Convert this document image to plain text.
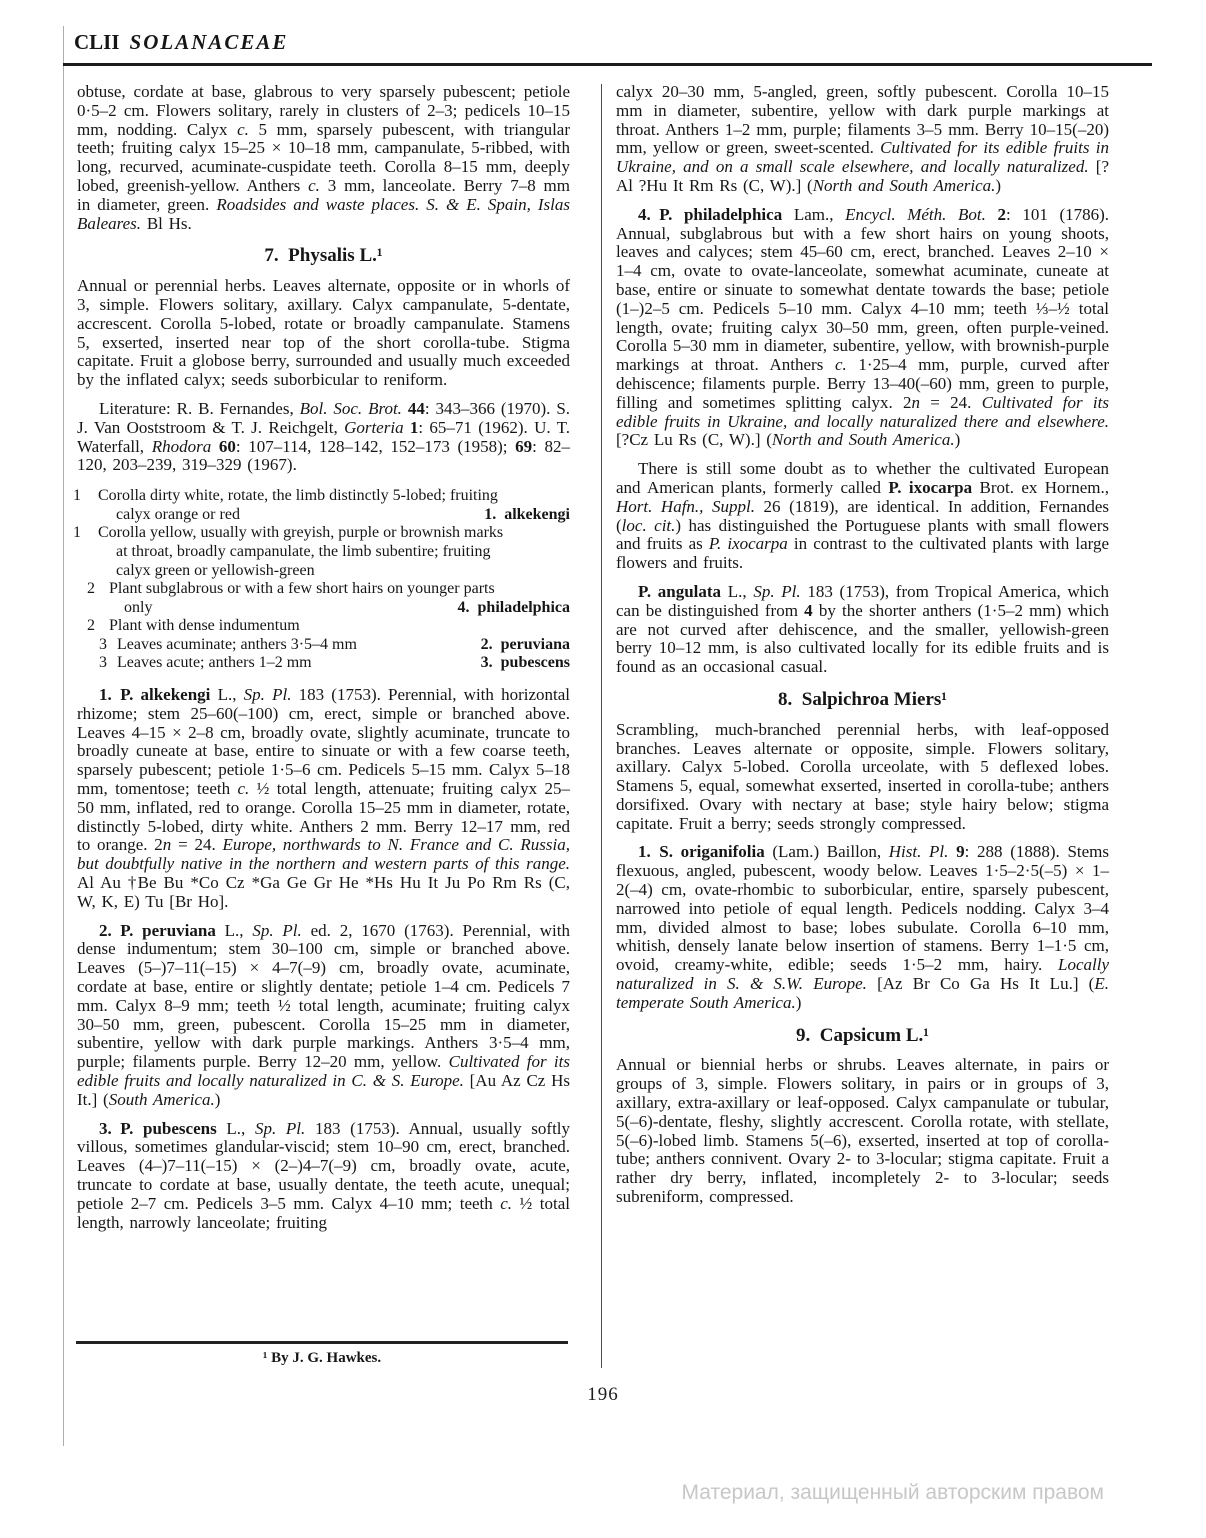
CLII SOLANACEAE
obtuse, cordate at base, glabrous to very sparsely pubescent; petiole 0·5–2 cm. Flowers solitary, rarely in clusters of 2–3; pedicels 10–15 mm, nodding. Calyx c. 5 mm, sparsely pubescent, with triangular teeth; fruiting calyx 15–25 × 10–18 mm, campanulate, 5-ribbed, with long, recurved, acuminate-cuspidate teeth. Corolla 8–15 mm, deeply lobed, greenish-yellow. Anthers c. 3 mm, lanceolate. Berry 7–8 mm in diameter, green. Roadsides and waste places. S. & E. Spain, Islas Baleares. Bl Hs.
7. Physalis L.¹
Annual or perennial herbs. Leaves alternate, opposite or in whorls of 3, simple. Flowers solitary, axillary. Calyx campanulate, 5-dentate, accrescent. Corolla 5-lobed, rotate or broadly campanulate. Stamens 5, exserted, inserted near top of the short corolla-tube. Stigma capitate. Fruit a globose berry, surrounded and usually much exceeded by the inflated calyx; seeds suborbicular to reniform.
Literature: R. B. Fernandes, Bol. Soc. Brot. 44: 343–366 (1970). S. J. Van Ooststroom & T. J. Reichgelt, Gorteria 1: 65–71 (1962). U. T. Waterfall, Rhodora 60: 107–114, 128–142, 152–173 (1958); 69: 82–120, 203–239, 319–329 (1967).
1	Corolla dirty white, rotate, the limb distinctly 5-lobed; fruiting
calyx orange or red	1. alkekengi
1	Corolla yellow, usually with greyish, purple or brownish marks
at throat, broadly campanulate, the limb subentire; fruiting
calyx green or yellowish-green
2 Plant subglabrous or with a few short hairs on younger parts
only	4. philadelphica
2 Plant with dense indumentum
3 Leaves acuminate; anthers 3·5–4 mm	2. peruviana
3 Leaves acute; anthers 1–2 mm	3. pubescens
1. P. alkekengi L., Sp. Pl. 183 (1753). Perennial, with horizontal rhizome; stem 25–60(–100) cm, erect, simple or branched above. Leaves 4–15 × 2–8 cm, broadly ovate, slightly acuminate, truncate to broadly cuneate at base, entire to sinuate or with a few coarse teeth, sparsely pubescent; petiole 1·5–6 cm. Pedicels 5–15 mm. Calyx 5–18 mm, tomentose; teeth c. ½ total length, attenuate; fruiting calyx 25–50 mm, inflated, red to orange. Corolla 15–25 mm in diameter, rotate, distinctly 5-lobed, dirty white. Anthers 2 mm. Berry 12–17 mm, red to orange. 2n = 24. Europe, northwards to N. France and C. Russia, but doubtfully native in the northern and western parts of this range. Al Au †Be Bu *Co Cz *Ga Ge Gr He *Hs Hu It Ju Po Rm Rs (C, W, K, E) Tu [Br Ho].
2. P. peruviana L., Sp. Pl. ed. 2, 1670 (1763). Perennial, with dense indumentum; stem 30–100 cm, simple or branched above. Leaves (5–)7–11(–15) × 4–7(–9) cm, broadly ovate, acuminate, cordate at base, entire or slightly dentate; petiole 1–4 cm. Pedicels 7 mm. Calyx 8–9 mm; teeth ½ total length, acuminate; fruiting calyx 30–50 mm, green, pubescent. Corolla 15–25 mm in diameter, subentire, yellow with dark purple markings. Anthers 3·5–4 mm, purple; filaments purple. Berry 12–20 mm, yellow. Cultivated for its edible fruits and locally naturalized in C. & S. Europe. [Au Az Cz Hs It.] (South America.)
3. P. pubescens L., Sp. Pl. 183 (1753). Annual, usually softly villous, sometimes glandular-viscid; stem 10–90 cm, erect, branched. Leaves (4–)7–11(–15) × (2–)4–7(–9) cm, broadly ovate, acute, truncate to cordate at base, usually dentate, the teeth acute, unequal; petiole 2–7 cm. Pedicels 3–5 mm. Calyx 4–10 mm; teeth c. ½ total length, narrowly lanceolate; fruiting
calyx 20–30 mm, 5-angled, green, softly pubescent. Corolla 10–15 mm in diameter, subentire, yellow with dark purple markings at throat. Anthers 1–2 mm, purple; filaments 3–5 mm. Berry 10–15(–20) mm, yellow or green, sweet-scented. Cultivated for its edible fruits in Ukraine, and on a small scale elsewhere, and locally naturalized. [?Al ?Hu It Rm Rs (C, W).] (North and South America.)
4. P. philadelphica Lam., Encycl. Méth. Bot. 2: 101 (1786). Annual, subglabrous but with a few short hairs on young shoots, leaves and calyces; stem 45–60 cm, erect, branched. Leaves 2–10 × 1–4 cm, ovate to ovate-lanceolate, somewhat acuminate, cuneate at base, entire or sinuate to somewhat dentate towards the base; petiole (1–)2–5 cm. Pedicels 5–10 mm. Calyx 4–10 mm; teeth ⅓–½ total length, ovate; fruiting calyx 30–50 mm, green, often purple-veined. Corolla 5–30 mm in diameter, subentire, yellow, with brownish-purple markings at throat. Anthers c. 1·25–4 mm, purple, curved after dehiscence; filaments purple. Berry 13–40(–60) mm, green to purple, filling and sometimes splitting calyx. 2n = 24. Cultivated for its edible fruits in Ukraine, and locally naturalized there and elsewhere. [?Cz Lu Rs (C, W).] (North and South America.)
There is still some doubt as to whether the cultivated European and American plants, formerly called P. ixocarpa Brot. ex Hornem., Hort. Hafn., Suppl. 26 (1819), are identical. In addition, Fernandes (loc. cit.) has distinguished the Portuguese plants with small flowers and fruits as P. ixocarpa in contrast to the cultivated plants with large flowers and fruits.
P. angulata L., Sp. Pl. 183 (1753), from Tropical America, which can be distinguished from 4 by the shorter anthers (1·5–2 mm) which are not curved after dehiscence, and the smaller, yellowish-green berry 10–12 mm, is also cultivated locally for its edible fruits and is found as an occasional casual.
8. Salpichroa Miers¹
Scrambling, much-branched perennial herbs, with leaf-opposed branches. Leaves alternate or opposite, simple. Flowers solitary, axillary. Calyx 5-lobed. Corolla urceolate, with 5 deflexed lobes. Stamens 5, equal, somewhat exserted, inserted in corolla-tube; anthers dorsifixed. Ovary with nectary at base; style hairy below; stigma capitate. Fruit a berry; seeds strongly compressed.
1. S. origanifolia (Lam.) Baillon, Hist. Pl. 9: 288 (1888). Stems flexuous, angled, pubescent, woody below. Leaves 1·5–2·5(–5) × 1–2(–4) cm, ovate-rhombic to suborbicular, entire, sparsely pubescent, narrowed into petiole of equal length. Pedicels nodding. Calyx 3–4 mm, divided almost to base; lobes subulate. Corolla 6–10 mm, whitish, densely lanate below insertion of stamens. Berry 1–1·5 cm, ovoid, creamy-white, edible; seeds 1·5–2 mm, hairy. Locally naturalized in S. & S.W. Europe. [Az Br Co Ga Hs It Lu.] (E. temperate South America.)
9. Capsicum L.¹
Annual or biennial herbs or shrubs. Leaves alternate, in pairs or groups of 3, simple. Flowers solitary, in pairs or in groups of 3, axillary, extra-axillary or leaf-opposed. Calyx campanulate or tubular, 5(–6)-dentate, fleshy, slightly accrescent. Corolla rotate, with stellate, 5(–6)-lobed limb. Stamens 5(–6), exserted, inserted at top of corolla-tube; anthers connivent. Ovary 2- to 3-locular; stigma capitate. Fruit a rather dry berry, inflated, incompletely 2- to 3-locular; seeds subreniform, compressed.
¹ By J. G. Hawkes.
196
Материал, защищенный авторским правом
